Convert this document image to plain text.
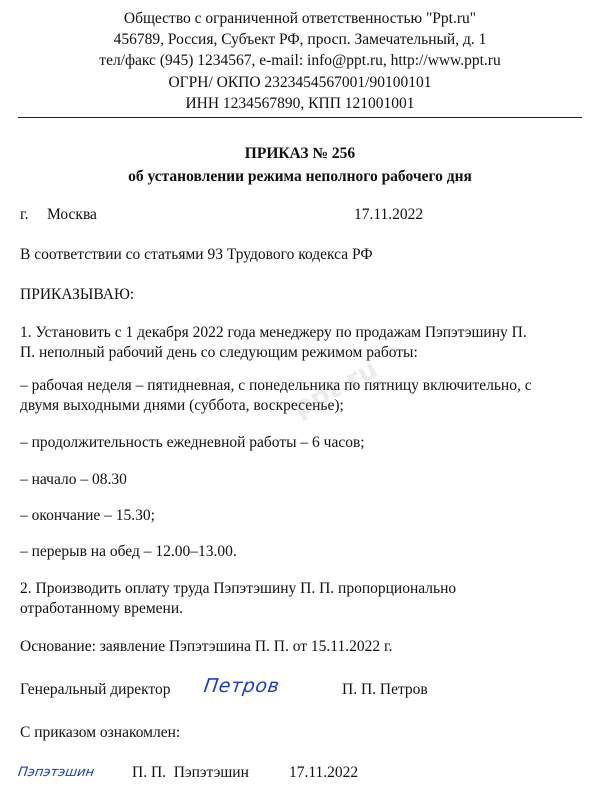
Общество с ограниченной ответственностью "Ppt.ru"
456789, Россия, Субъект РФ, просп. Замечательный, д. 1
тел/факс (945) 1234567, e-mail: info@ppt.ru, http://www.ppt.ru
ОГРН/ ОКПО 2323454567001/90100101
ИНН 1234567890, КПП 121001001
ПРИКАЗ № 256
об установлении режима неполного рабочего дня
г. Москва	17.11.2022
В соответствии со статьями 93 Трудового кодекса РФ
ПРИКАЗЫВАЮ:
1. Установить с 1 декабря 2022 года менеджеру по продажам Пэпэтэшину П.
П. неполный рабочий день со следующим режимом работы:
– рабочая неделя – пятидневная, с понедельника по пятницу включительно, с
двумя выходными днями (суббота, воскресенье);
– продолжительность ежедневной работы – 6 часов;
– начало – 08.30
– окончание – 15.30;
– перерыв на обед – 12.00–13.00.
2. Производить оплату труда Пэпэтэшину П. П. пропорционально
отработанному времени.
Основание: заявление Пэпэтэшина П. П. от 15.11.2022 г.
Генеральный директор Петров	П. П. Петров
С приказом ознакомлен:
Пэпэтэшин П. П.  Пэпэтэшин	17.11.2022
ppt.ru
